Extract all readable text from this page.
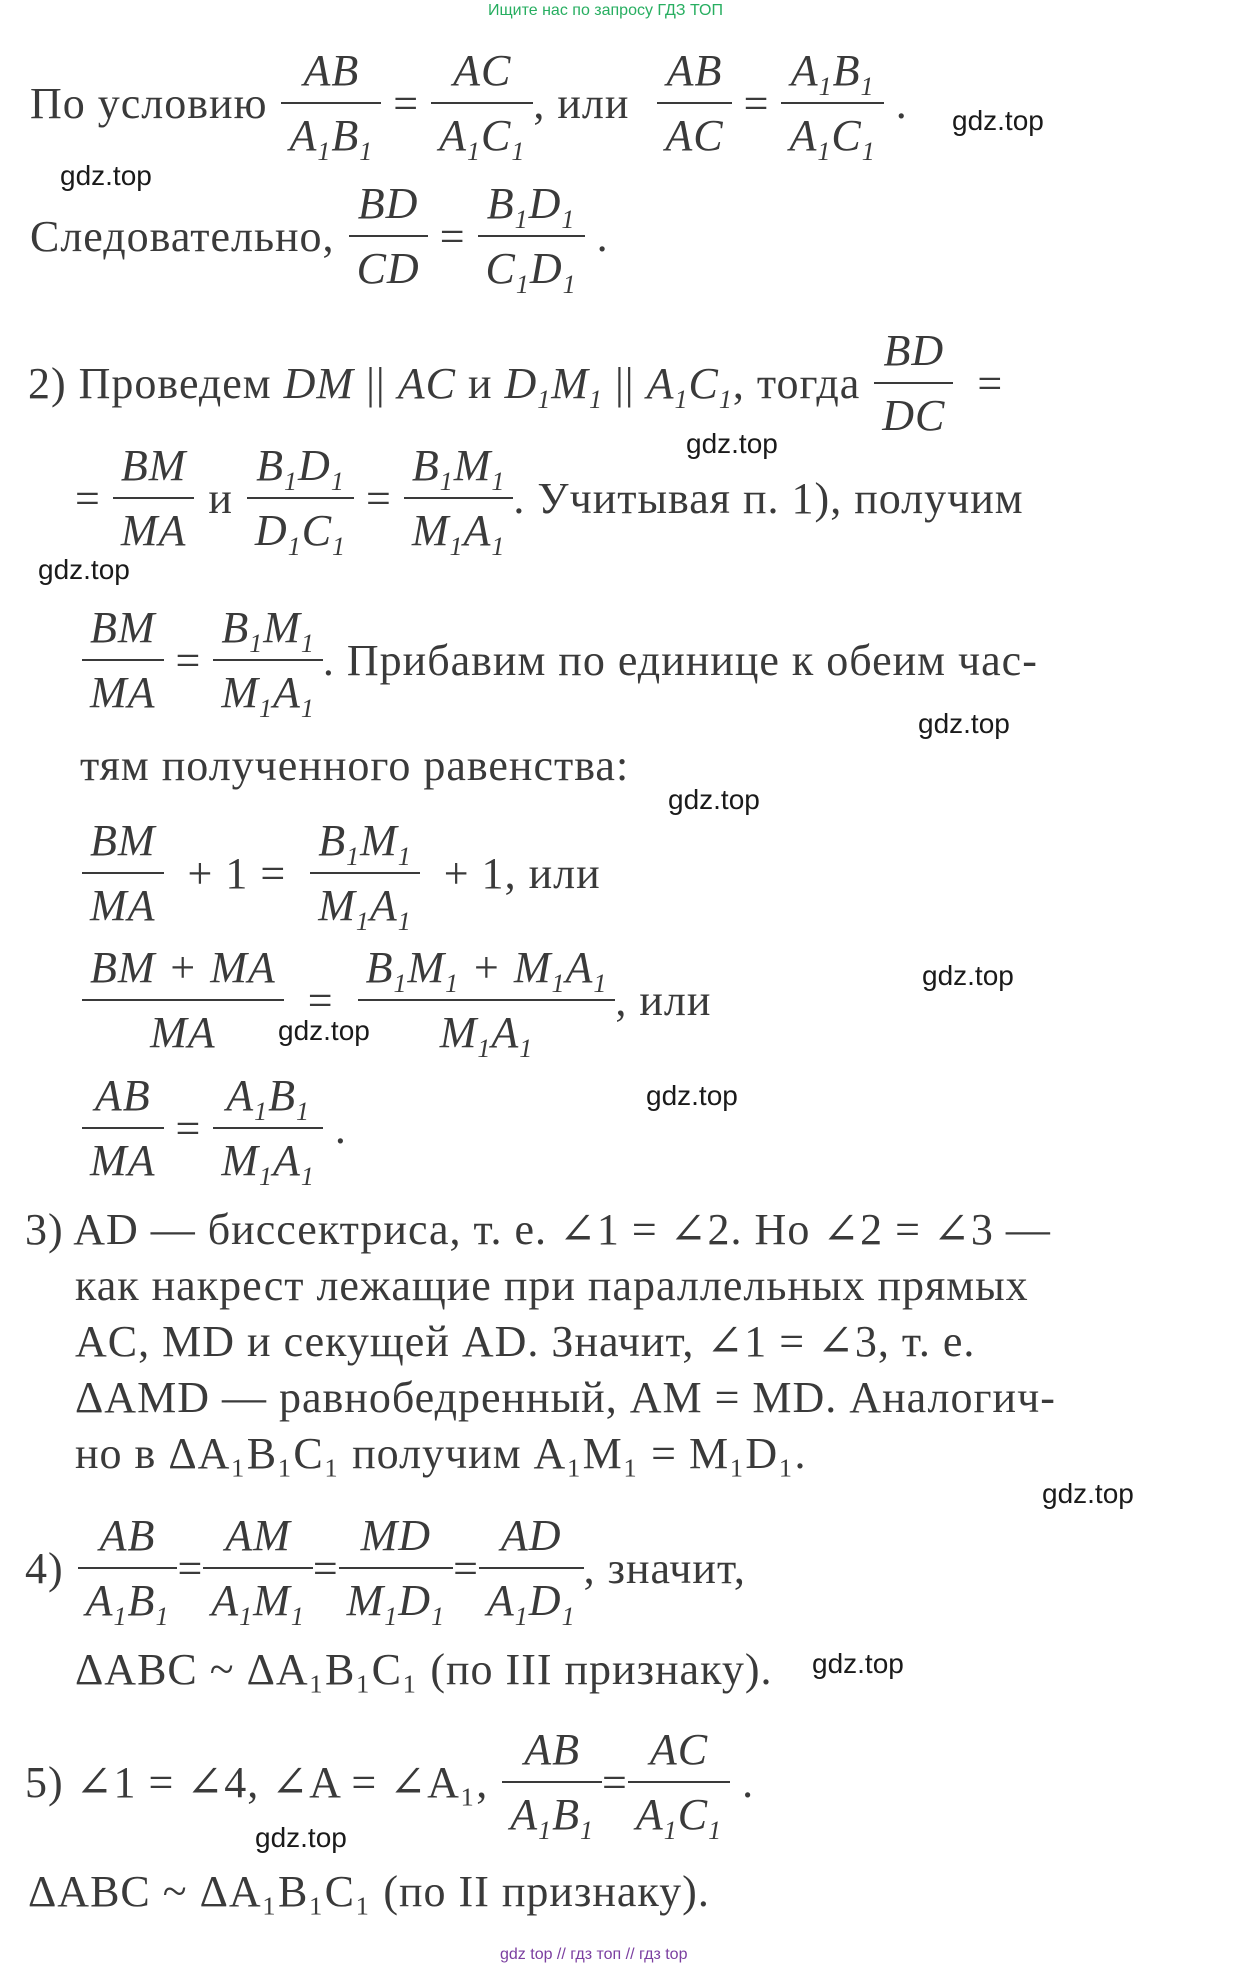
Ищите нас по запросу ГДЗ ТОП
По условию $\frac{AB}{A_1B_1} = \frac{AC}{A_1C_1}$ , или $\frac{AB}{AC} = \frac{A_1B_1}{A_1C_1}$ . gdz.top
gdz.top
Следовательно, $\frac{BD}{CD} = \frac{B_1D_1}{C_1D_1}$ .
2) Проведем
DM || AC
и
$D_1M_1$ || $A_1C_1$ , тогда $\frac{BD}{DC}$ =
gdz.top
= $\frac{BM}{MA}$ и $\frac{B_1D_1}{D_1C_1} = \frac{B_1M_1}{M_1A_1}$ . Учитывая п. 1), получим
gdz.top
$\frac{BM}{MA} = \frac{B_1M_1}{M_1A_1}$ . Прибавим по единице к обеим час-
gdz.top
тям полученного равенства:
gdz.top
$\frac{BM}{MA} + 1 = \frac{B_1M_1}{M_1A_1} + 1$ , или
$\frac{BM + MA}{MA} = \frac{B_1M_1 + M_1A_1}{M_1A_1}$ , или	gdz.top
gdz.top
$\frac{AB}{MA} = \frac{A_1B_1}{M_1A_1}$ .
gdz.top
3) AD — биссектриса, т. е. ∠1 = ∠2. Но ∠2 = ∠3 —
как накрест лежащие при параллельных прямых
AC, MD и секущей AD. Значит, ∠1 = ∠3, т. е.
ΔAMD — равнобедренный, AM = MD. Аналогич-
но в ΔA₁B₁C₁ получим A₁M₁ = M₁D₁.
gdz.top
$4) \frac{AB}{A_1B_1} = \frac{AM}{A_1M_1} = \frac{MD}{M_1D_1} = \frac{AD}{A_1D_1}$ , значит,
ΔABC ~ ΔA₁B₁C₁ (по III признаку). gdz.top
5) ∠1 = ∠4, ∠A = ∠A₁, $\frac{AB}{A_1B_1} = \frac{AC}{A_1C_1}$ .
gdz.top
ΔABC ~ ΔA₁B₁C₁ (по II признаку).
gdz top // гдз топ // гдз top
